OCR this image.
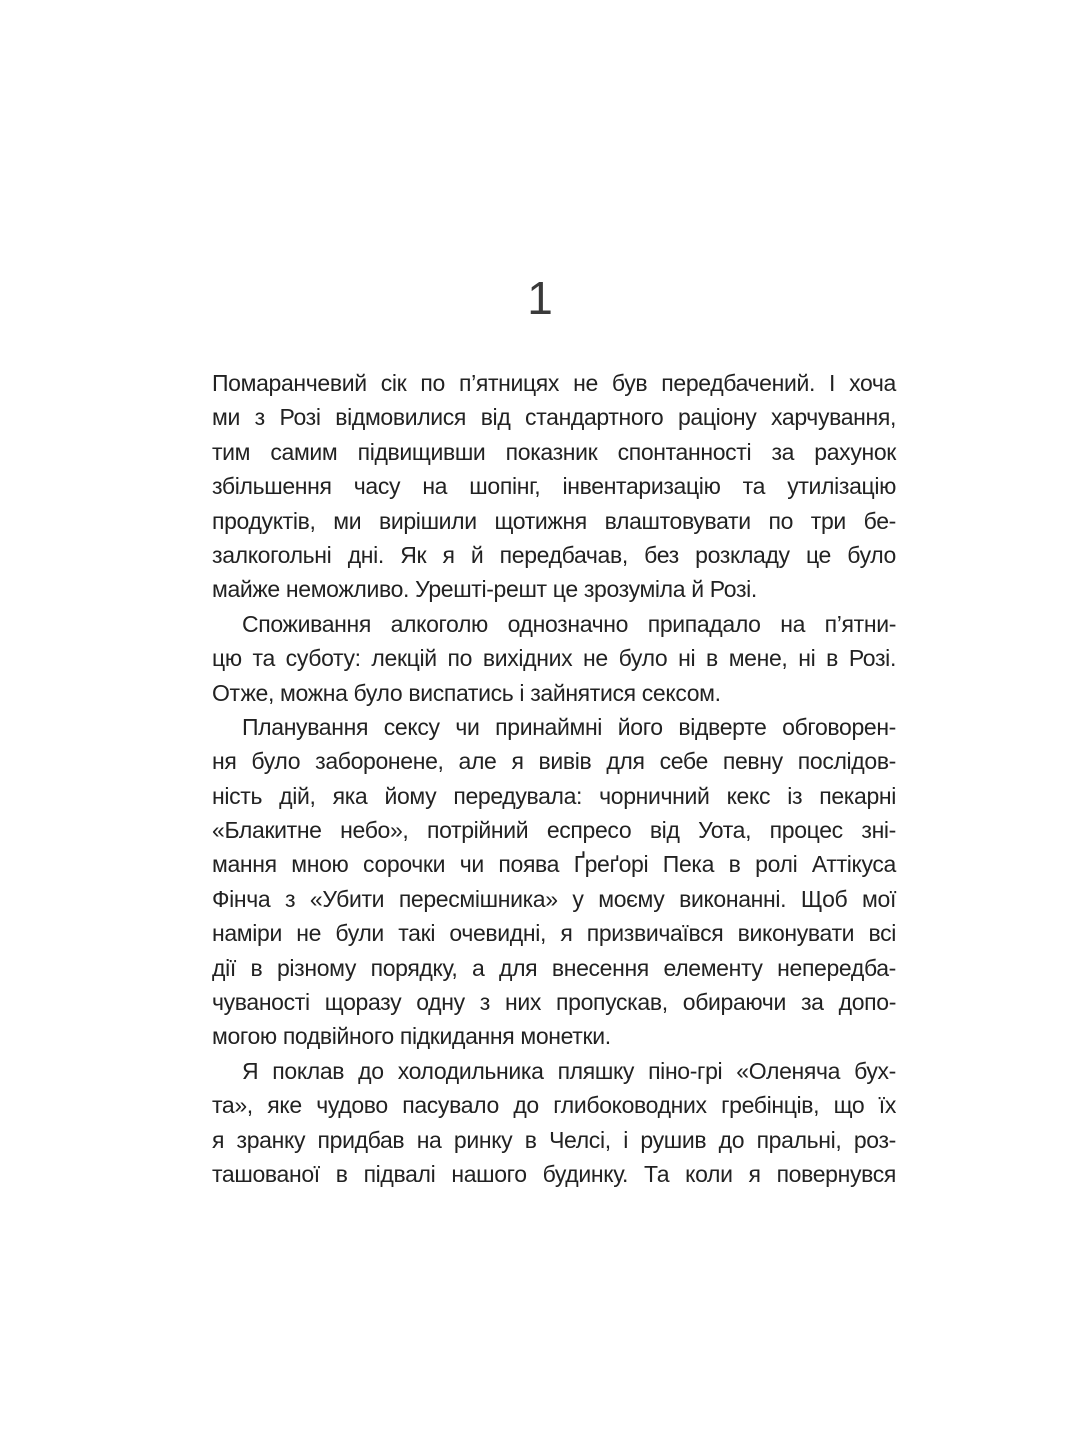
1
Помаранчевий сік по п’ятницях не був передбачений. І хоча
ми з Розі відмовилися від стандартного раціону харчування,
тим самим підвищивши показник спонтанності за рахунок
збільшення часу на шопінг, інвентаризацію та утилізацію
продуктів, ми вирішили щотижня влаштовувати по три бе-
залкогольні дні. Як я й передбачав, без розкладу це було
майже неможливо. Урешті-решт це зрозуміла й Розі.
Споживання алкоголю однозначно припадало на п’ятни-
цю та суботу: лекцій по вихідних не було ні в мене, ні в Розі.
Отже, можна було виспатись і зайнятися сексом.
Планування сексу чи принаймні його відверте обговорен-
ня було заборонене, але я вивів для себе певну послідов-
ність дій, яка йому передувала: чорничний кекс із пекарні
«Блакитне небо», потрійний еспресо від Уота, процес зні-
мання мною сорочки чи поява Ґреґорі Пека в ролі Аттікуса
Фінча з «Убити пересмішника» у моєму виконанні. Щоб мої
наміри не були такі очевидні, я призвичаївся виконувати всі
дії в різному порядку, а для внесення елементу непередба-
чуваності щоразу одну з них пропускав, обираючи за допо-
могою подвійного підкидання монетки.
Я поклав до холодильника пляшку піно-грі «Оленяча бух-
та», яке чудово пасувало до глибоководних гребінців, що їх
я зранку придбав на ринку в Челсі, і рушив до пральні, роз-
ташованої в підвалі нашого будинку. Та коли я повернувся
